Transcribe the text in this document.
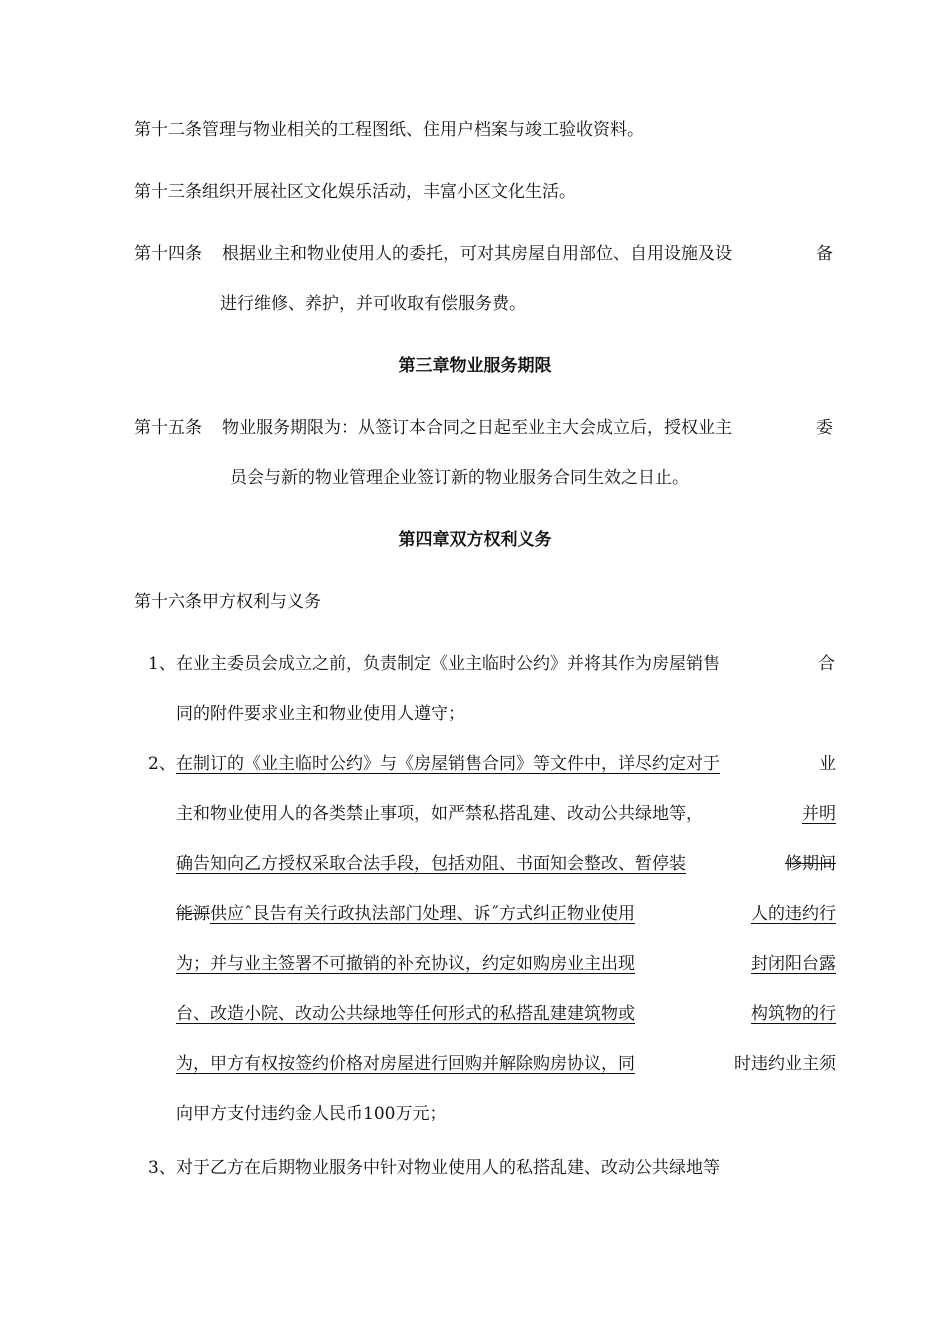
第十二条管理与物业相关的工程图纸、住用户档案与竣工验收资料。
第十三条组织开展社区文化娱乐活动，丰富小区文化生活。
第十四条 根据业主和物业使用人的委托，可对其房屋自用部位、自用设施及设	备
进行维修、养护，并可收取有偿服务费。
第三章物业服务期限
第十五条 物业服务期限为：从签订本合同之日起至业主大会成立后，授权业主	委
员会与新的物业管理企业签订新的物业服务合同生效之日止。
第四章双方权利义务
第十六条甲方权利与义务
1、 在业主委员会成立之前，负责制定《业主临时公约》并将其作为房屋销售	合
同的附件要求业主和物业使用人遵守；
2、 在制订的《业主临时公约》与《房屋销售合同》等文件中，详尽约定对于	业
主和物业使用人的各类禁止事项，如严禁私搭乱建、改动公共绿地等，	并明
确告知向乙方授权采取合法手段，包括劝阻、书面知会整改、暂停装	修期间
能源供应ˆ艮告有关行政执法部门处理、诉˝方式纠正物业使用	人的违约行
为；并与业主签署不可撤销的补充协议，约定如购房业主出现	封闭阳台露
台、改造小院、改动公共绿地等任何形式的私搭乱建建筑物或	构筑物的行
为，甲方有权按签约价格对房屋进行回购并解除购房协议，同	时违约业主须
向甲方支付违约金人民币100万元；
3、 对于乙方在后期物业服务中针对物业使用人的私搭乱建、改动公共绿地等
